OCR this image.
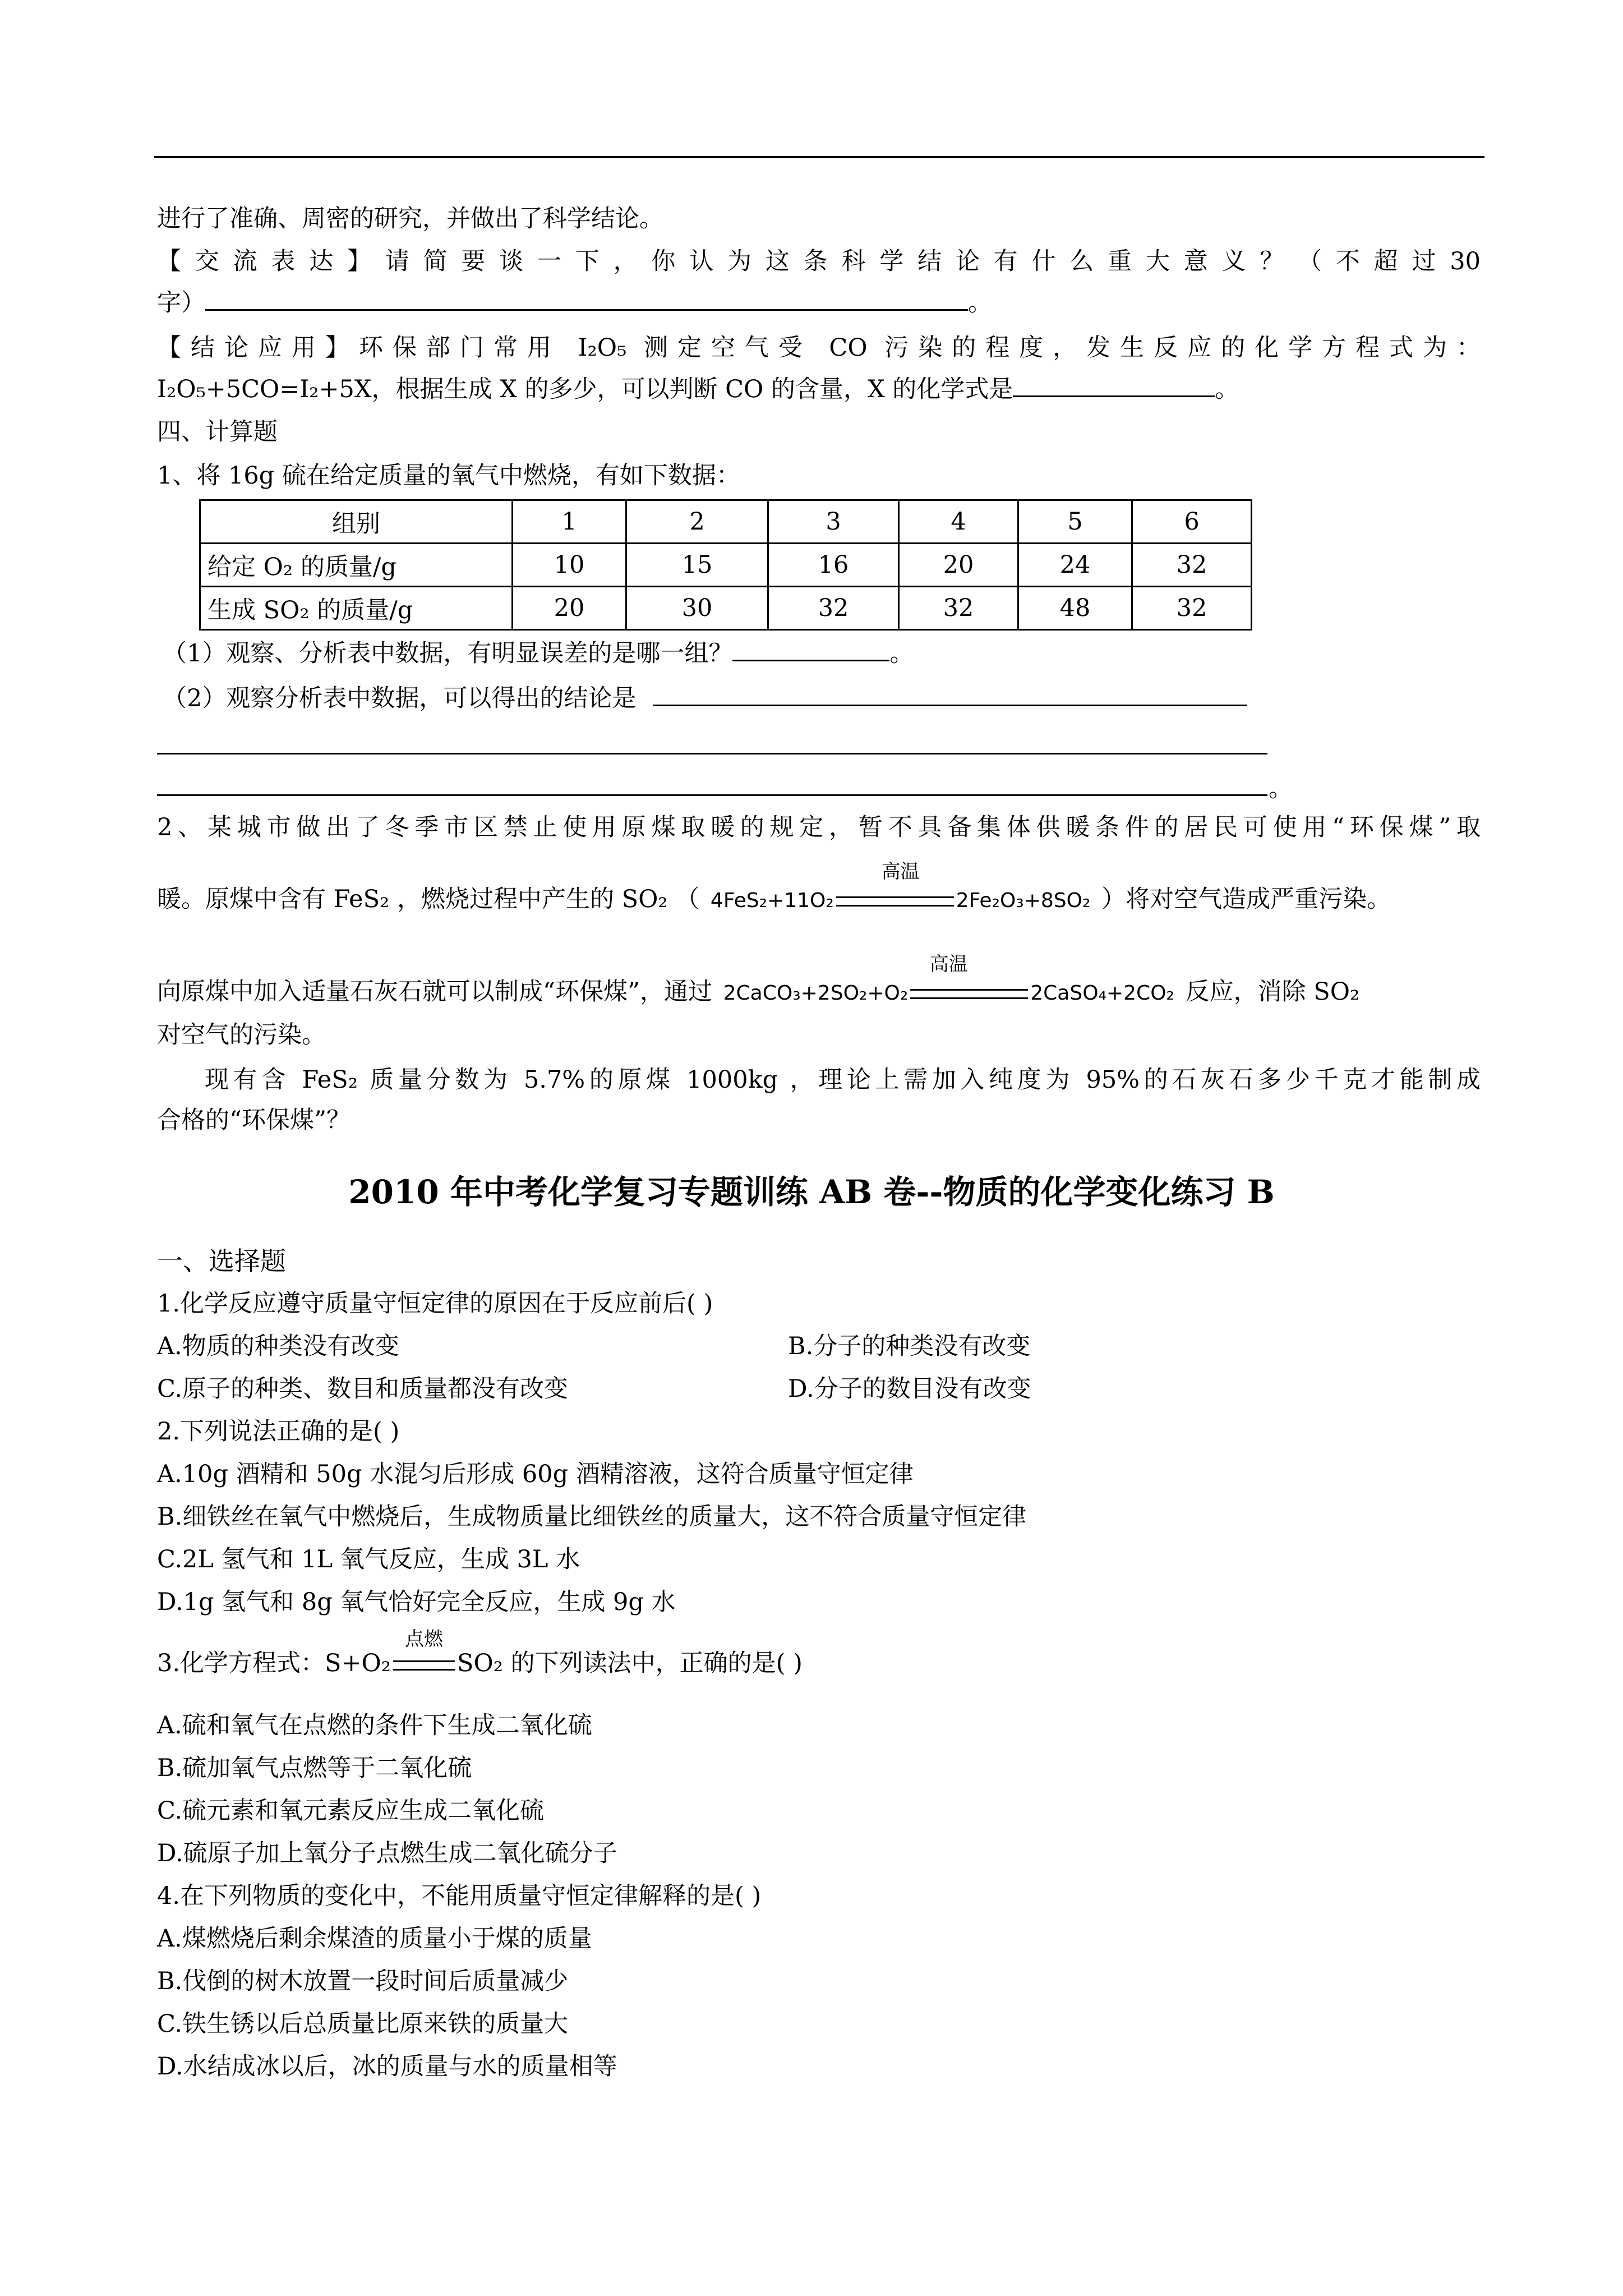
进行了准确、周密的研究，并做出了科学结论。
【交流表达】请简要谈一下，你认为这条科学结论有什么重大意义？（不超过30
字）	。
【结论应用】环保部门常用 I₂O₅ 测定空气受 CO 污染的程度，发生反应的化学方程式为：
I₂O₅+5CO=I₂+5X，根据生成 X 的多少，可以判断 CO 的含量，X 的化学式是	。
四、计算题
1、将 16g 硫在给定质量的氧气中燃烧，有如下数据：
组别	1	2	3	4	5	6
给定 O₂ 的质量/g	10	15	16	20	24	32
生成 SO₂ 的质量/g	20	30	32	32	48	32
（1）观察、分析表中数据，有明显误差的是哪一组？	。
（2）观察分析表中数据，可以得出的结论是
。
2、某城市做出了冬季市区禁止使用原煤取暖的规定，暂不具备集体供暖条件的居民可使用“环保煤”取
暖。原煤中含有 FeS₂ ，燃烧过程中产生的 SO₂ （
高温
4FeS₂+11O₂	2Fe₂O₃+8SO₂ ）将对空气造成严重污染。
向原煤中加入适量石灰石就可以制成“环保煤”，通过
高温
2CaCO₃+2SO₂+O₂	2CaSO₄+2CO₂ 反应，消除 SO₂
对空气的污染。
现有含 FeS₂ 质量分数为 5.7%的原煤 1000kg ，理论上需加入纯度为 95%的石灰石多少千克才能制成
合格的“环保煤”？
2010 年中考化学复习专题训练 AB 卷--物质的化学变化练习 B
一、选择题
1.化学反应遵守质量守恒定律的原因在于反应前后( )
A.物质的种类没有改变	B.分子的种类没有改变
C.原子的种类、数目和质量都没有改变	D.分子的数目没有改变
2.下列说法正确的是( )
A.10g 酒精和 50g 水混匀后形成 60g 酒精溶液，这符合质量守恒定律
B.细铁丝在氧气中燃烧后，生成物质量比细铁丝的质量大，这不符合质量守恒定律
C.2L 氢气和 1L 氧气反应，生成 3L 水
D.1g 氢气和 8g 氧气恰好完全反应，生成 9g 水
3.化学方程式：S+O₂
点燃
SO₂ 的下列读法中，正确的是( )
A.硫和氧气在点燃的条件下生成二氧化硫
B.硫加氧气点燃等于二氧化硫
C.硫元素和氧元素反应生成二氧化硫
D.硫原子加上氧分子点燃生成二氧化硫分子
4.在下列物质的变化中，不能用质量守恒定律解释的是( )
A.煤燃烧后剩余煤渣的质量小于煤的质量
B.伐倒的树木放置一段时间后质量减少
C.铁生锈以后总质量比原来铁的质量大
D.水结成冰以后，冰的质量与水的质量相等
